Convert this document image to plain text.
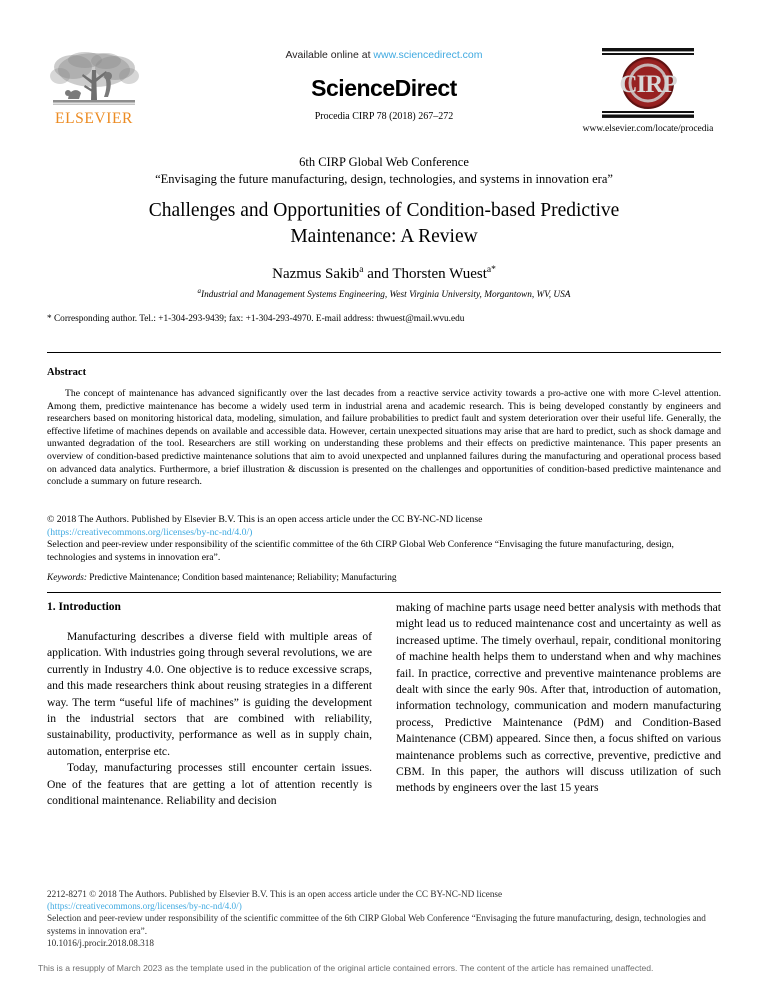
ELSEVIER
Available online at www.sciencedirect.com
ScienceDirect
Procedia CIRP 78 (2018) 267–272
CIRP
www.elsevier.com/locate/procedia
6th CIRP Global Web Conference
“Envisaging the future manufacturing, design, technologies, and systems in innovation era”
Challenges and Opportunities of Condition-based Predictive Maintenance: A Review
Nazmus Sakib$^a$ and Thorsten Wuest$^{a*}$
$^a$Industrial and Management Systems Engineering, West Virginia University, Morgantown, WV, USA
* Corresponding author. Tel.: +1-304-293-9439; fax: +1-304-293-4970. E-mail address: thwuest@mail.wvu.edu
Abstract
The concept of maintenance has advanced significantly over the last decades from a reactive service activity towards a pro-active one with more C-level attention. Among them, predictive maintenance has become a widely used term in industrial arena and academic research. This is being developed constantly by engineers and researchers based on monitoring historical data, modeling, simulation, and failure probabilities to predict fault and system deterioration over their useful life. Generally, the effective lifetime of machines depends on available and accessible data. However, certain unexpected situations may arise that are hard to predict, such as shock damage and unwanted degradation of the tool. Researchers are still working on understanding these problems and their effects on predictive maintenance. This paper presents an overview of condition-based predictive maintenance solutions that aim to avoid unexpected and unplanned failures during the manufacturing and operational process based on advanced data analytics. Furthermore, a brief illustration & discussion is presented on the challenges and opportunities of condition-based predictive maintenance and conclude a summary on future research.
© 2018 The Authors. Published by Elsevier B.V. This is an open access article under the CC BY-NC-ND license
(https://creativecommons.org/licenses/by-nc-nd/4.0/)

Selection and peer-review under responsibility of the scientific committee of the 6th CIRP Global Web Conference “Envisaging the future manufacturing, design, technologies and systems in innovation era”.
Keywords: Predictive Maintenance; Condition based maintenance; Reliability; Manufacturing
1. Introduction

Manufacturing describes a diverse field with multiple areas of application. With industries going through several revolutions, we are currently in Industry 4.0. One objective is to reduce excessive scraps, and this made researchers think about reusing strategies in a different way. The term “useful life of machines” is guiding the development in the industrial sectors that are combined with reliability, sustainability, productivity, performance as well as in supply chain, automation, enterprise etc.

Today, manufacturing processes still encounter certain issues. One of the features that are getting a lot of attention recently is conditional maintenance. Reliability and decision

making of machine parts usage need better analysis with methods that might lead us to reduced maintenance cost and uncertainty as well as increased uptime. The timely overhaul, repair, conditional monitoring of machine health helps them to understand when and why machines fail. In practice, corrective and preventive maintenance problems are dealt with since the early 90s. After that, introduction of automation, information technology, communication and modern manufacturing process, Predictive Maintenance (PdM) and Condition-Based Maintenance (CBM) appeared. Since then, a focus shifted on various maintenance problems such as corrective, preventive, predictive and CBM. In this paper, the authors will discuss utilization of such methods by engineers over the last 15 years

2212-8271 © 2018 The Authors. Published by Elsevier B.V. This is an open access article under the CC BY-NC-ND license
(https://creativecommons.org/licenses/by-nc-nd/4.0/)
Selection and peer-review under responsibility of the scientific committee of the 6th CIRP Global Web Conference “Envisaging the future manufacturing, design, technologies and systems in innovation era”.
10.1016/j.procir.2018.08.318
This is a resupply of March 2023 as the template used in the publication of the original article contained errors. The content of the article has remained unaffected.
